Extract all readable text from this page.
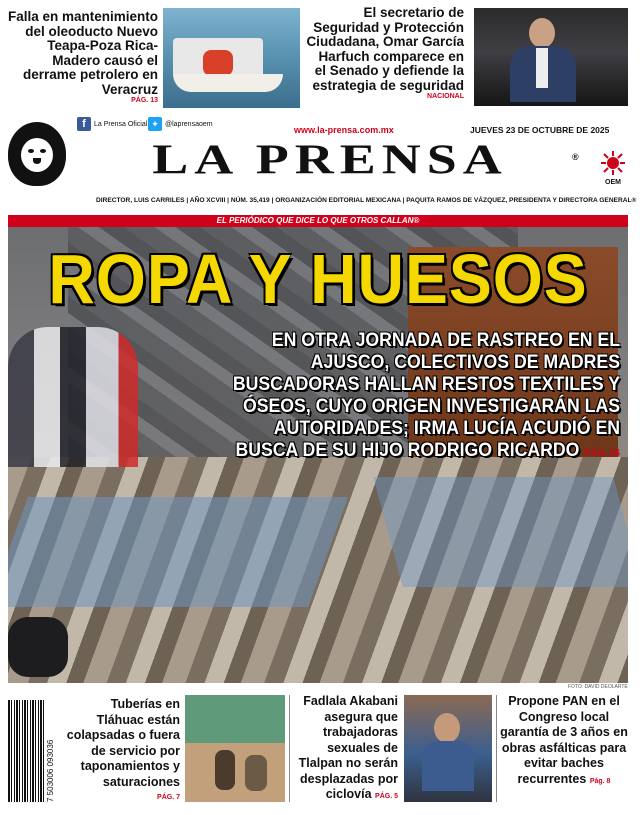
Falla en mantenimiento del oleoducto Nuevo Teapa-Poza Rica-Madero causó el derrame petrolero en Veracruz
PÁG. 13
El secretario de Seguridad y Protección Ciudadana, Omar García Harfuch comparece en el Senado y defiende la estrategia de seguridad
NACIONAL
f	La Prensa Oficial ✦ @laprensaoem
www.la-prensa.com.mx	JUEVES 23 DE OCTUBRE DE 2025
LA PRENSA	®
OEM
DIRECTOR, LUIS CARRILES | AÑO XCVIII | NÚM. 35,419 | ORGANIZACIÓN EDITORIAL MEXICANA | PAQUITA RAMOS DE VÁZQUEZ, PRESIDENTA Y DIRECTORA GENERAL®
EL PERIÓDICO QUE DICE LO QUE OTROS CALLAN®
ROPA Y HUESOS
EN OTRA JORNADA DE RASTREO EN EL AJUSCO, COLECTIVOS DE MADRES BUSCADORAS HALLAN RESTOS TEXTILES Y ÓSEOS, CUYO ORIGEN INVESTIGARÁN LAS AUTORIDADES; IRMA LUCÍA ACUDIÓ EN BUSCA DE SU HIJO RODRIGO RICARDO PÁG. 26
FOTO: DAVID DEOLARTE
7 503006 093036
Tuberías en Tláhuac están colapsadas o fuera de servicio por taponamientos y saturaciones
PÁG. 7
Fadlala Akabani asegura que trabajadoras sexuales de Tlalpan no serán desplazadas por ciclovía PÁG. 5
Propone PAN en el Congreso local garantía de 3 años en obras asfálticas para evitar baches recurrentes Pág. 8
